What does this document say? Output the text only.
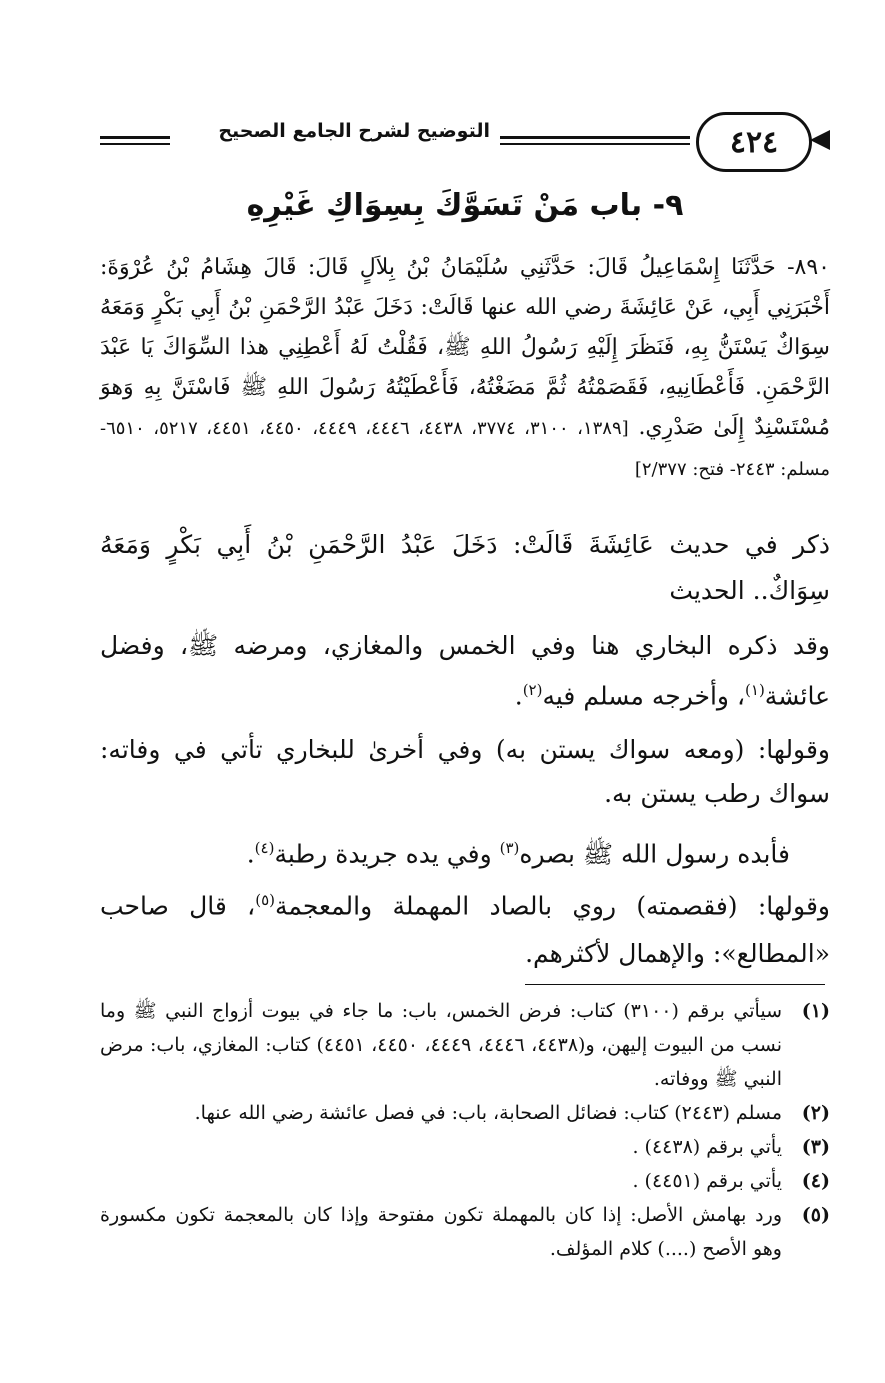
٤٢٤
التوضيح لشرح الجامع الصحيح
٩- باب مَنْ تَسَوَّكَ بِسِوَاكِ غَيْرِهِ
٨٩٠- حَدَّثَنَا إِسْمَاعِيلُ قَالَ: حَدَّثَنِي سُلَيْمَانُ بْنُ بِلاَلٍ قَالَ: قَالَ هِشَامُ بْنُ عُرْوَةَ: أَخْبَرَنِي أَبِي، عَنْ عَائِشَةَ رضي الله عنها قَالَتْ: دَخَلَ عَبْدُ الرَّحْمَنِ بْنُ أَبِي بَكْرٍ وَمَعَهُ سِوَاكٌ يَسْتَنُّ بِهِ، فَنَظَرَ إِلَيْهِ رَسُولُ اللهِ ﷺ، فَقُلْتُ لَهُ أَعْطِنِي هذا السِّوَاكَ يَا عَبْدَ الرَّحْمَنِ. فَأَعْطَانِيهِ، فَقَصَمْتُهُ ثُمَّ مَضَغْتُهُ، فَأَعْطَيْتُهُ رَسُولَ اللهِ ﷺ فَاسْتَنَّ بِهِ وَهوَ مُسْتَسْنِدٌ إِلَىٰ صَدْرِي. [١٣٨٩، ٣١٠٠، ٣٧٧٤، ٤٤٣٨، ٤٤٤٦، ٤٤٤٩، ٤٤٥٠، ٤٤٥١، ٥٢١٧، ٦٥١٠- مسلم: ٢٤٤٣- فتح: ٢/٣٧٧]
ذكر في حديث عَائِشَةَ قَالَتْ: دَخَلَ عَبْدُ الرَّحْمَنِ بْنُ أَبِي بَكْرٍ وَمَعَهُ سِوَاكٌ.. الحديث
وقد ذكره البخاري هنا وفي الخمس والمغازي، ومرضه ﷺ، وفضل عائشة$^{(١)}$، وأخرجه مسلم فيه$^{(٢)}$.
وقولها: (ومعه سواك يستن به) وفي أخرىٰ للبخاري تأتي في وفاته: سواك رطب يستن به.
فأبده رسول الله ﷺ بصره$^{(٣)}$ وفي يده جريدة رطبة$^{(٤)}$.
وقولها: (فقصمته) روي بالصاد المهملة والمعجمة$^{(٥)}$، قال صاحب «المطالع»: والإهمال لأكثرهم.
(١)
سيأتي برقم (٣١٠٠) كتاب: فرض الخمس، باب: ما جاء في بيوت أزواج النبي ﷺ وما نسب من البيوت إليهن، و(٤٤٣٨، ٤٤٤٦، ٤٤٤٩، ٤٤٥٠، ٤٤٥١) كتاب: المغازي، باب: مرض النبي ﷺ ووفاته.
(٢)
مسلم (٢٤٤٣) كتاب: فضائل الصحابة، باب: في فصل عائشة رضي الله عنها.
(٣)
يأتي برقم (٤٤٣٨) .
(٤)
يأتي برقم (٤٤٥١) .
(٥)
ورد بهامش الأصل: إذا كان بالمهملة تكون مفتوحة وإذا كان بالمعجمة تكون مكسورة وهو الأصح (....) كلام المؤلف.
